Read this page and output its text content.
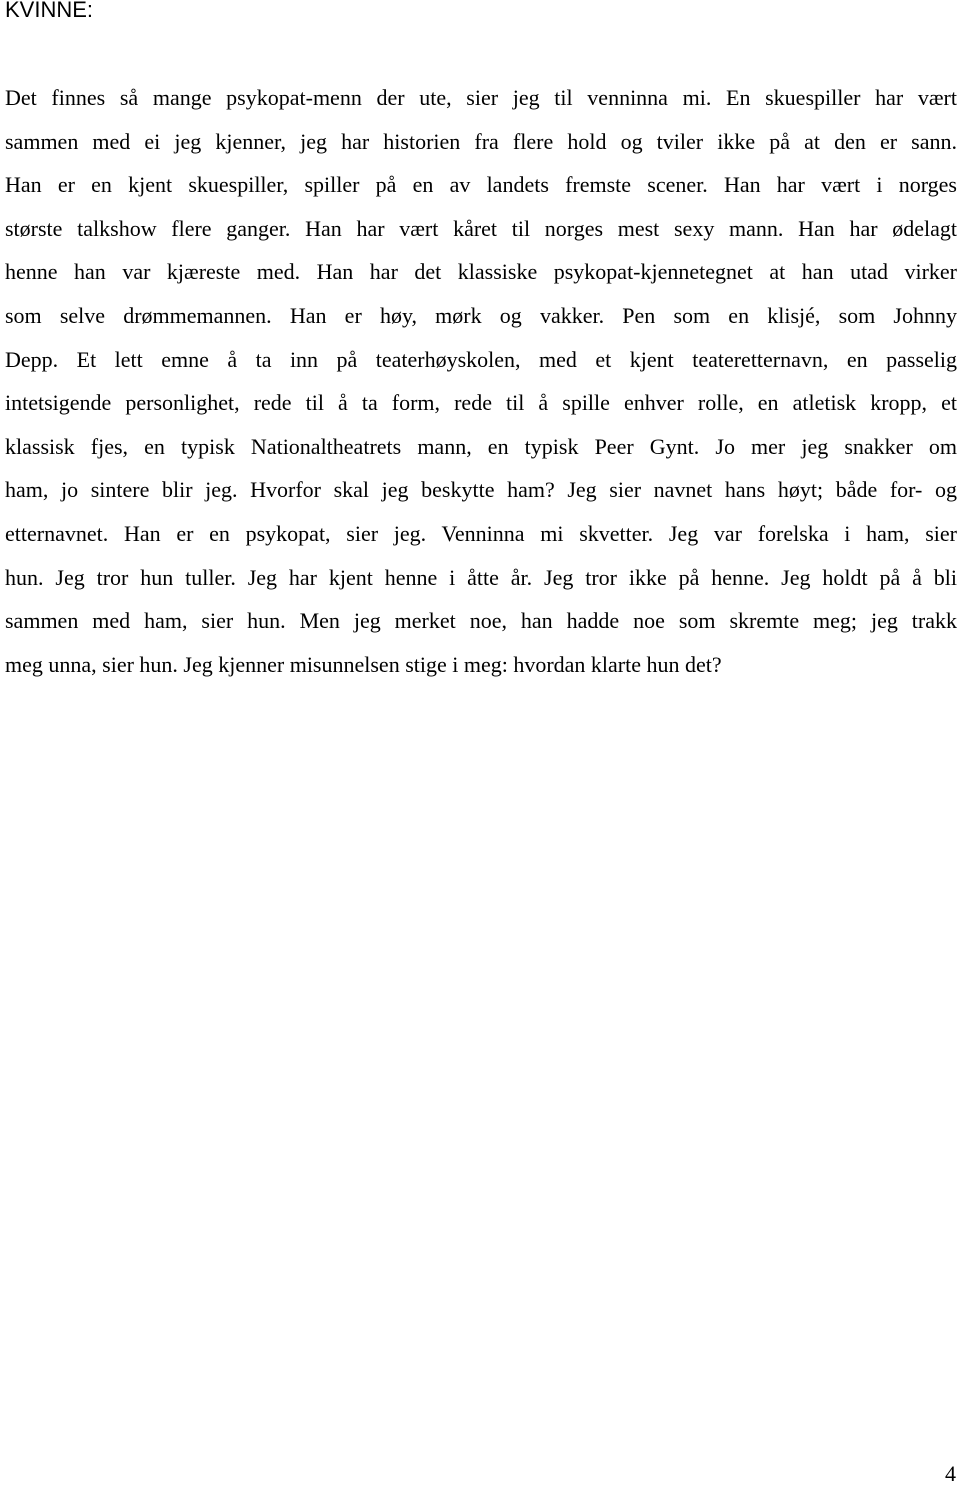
KVINNE:
Det finnes så mange psykopat-menn der ute, sier jeg til venninna mi. En skuespiller har vært
sammen med ei jeg kjenner, jeg har historien fra flere hold og tviler ikke på at den er sann.
Han er en kjent skuespiller, spiller på en av landets fremste scener. Han har vært i norges
største talkshow flere ganger. Han har vært kåret til norges mest sexy mann. Han har ødelagt
henne han var kjæreste med. Han har det klassiske psykopat-kjennetegnet at han utad virker
som selve drømmemannen. Han er høy, mørk og vakker. Pen som en klisjé, som Johnny
Depp. Et lett emne å ta inn på teaterhøyskolen, med et kjent teateretternavn, en passelig
intetsigende personlighet, rede til å ta form, rede til å spille enhver rolle, en atletisk kropp, et
klassisk fjes, en typisk Nationaltheatrets mann, en typisk Peer Gynt. Jo mer jeg snakker om
ham, jo sintere blir jeg. Hvorfor skal jeg beskytte ham? Jeg sier navnet hans høyt; både for- og
etternavnet. Han er en psykopat, sier jeg. Venninna mi skvetter. Jeg var forelska i ham, sier
hun. Jeg tror hun tuller. Jeg har kjent henne i åtte år. Jeg tror ikke på henne. Jeg holdt på å bli
sammen med ham, sier hun. Men jeg merket noe, han hadde noe som skremte meg; jeg trakk
meg unna, sier hun. Jeg kjenner misunnelsen stige i meg: hvordan klarte hun det?
4
